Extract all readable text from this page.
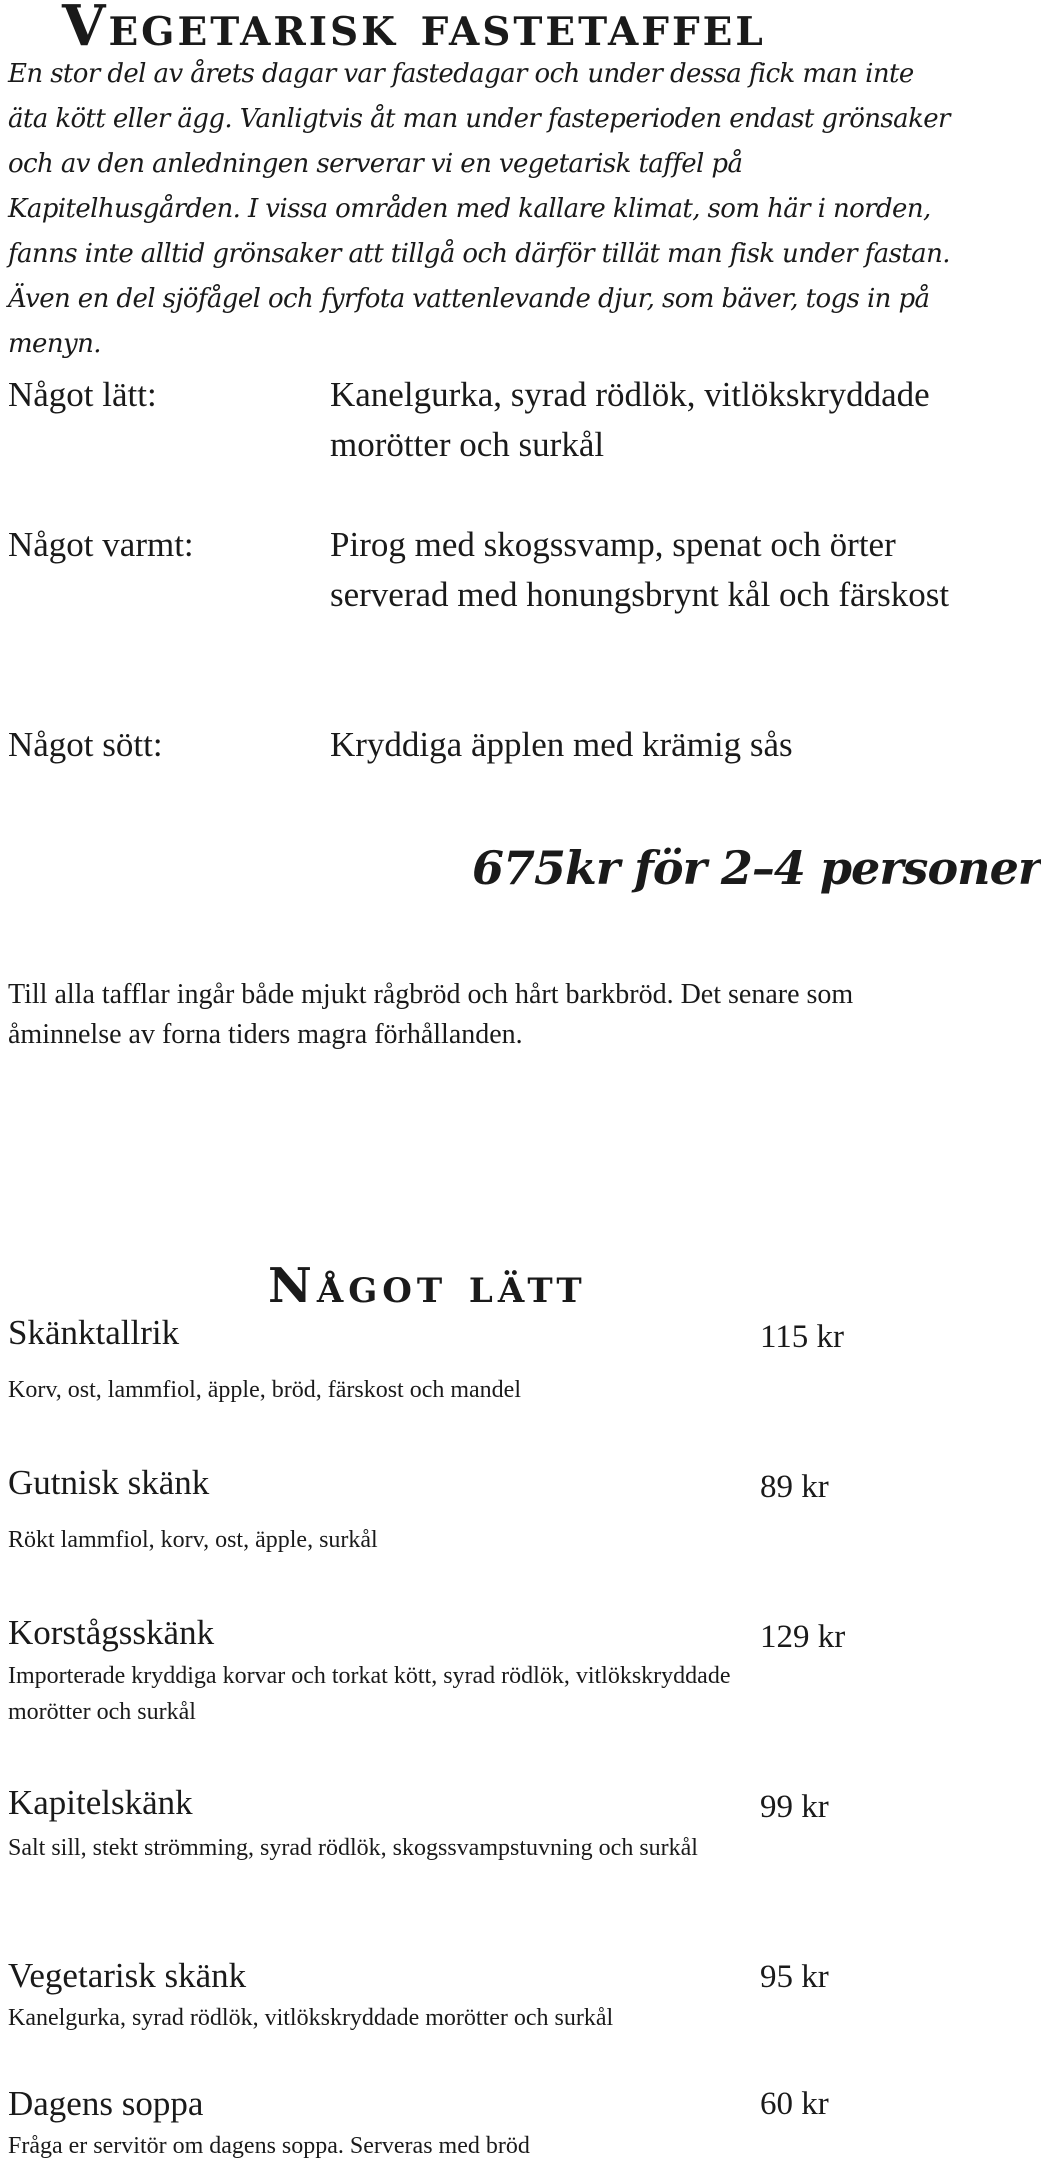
Vegetarisk fastetaffel
En stor del av årets dagar var fastedagar och under dessa fick man inte äta kött eller ägg. Vanligtvis åt man under fasteperioden endast grönsaker och av den anledningen serverar vi en vegetarisk taffel på Kapitelhusgården. I vissa områden med kallare klimat, som här i norden, fanns inte alltid grönsaker att tillgå och därför tillät man fisk under fastan. Även en del sjöfågel och fyrfota vattenlevande djur, som bäver, togs in på menyn.
Något lätt:	Kanelgurka, syrad rödlök, vitlökskryddade morötter och surkål
Något varmt:	Pirog med skogssvamp, spenat och örter serverad med honungsbrynt kål och färskost
Något sött:	Kryddiga äpplen med krämig sås
675kr för 2–4 personer
Till alla tafflar ingår både mjukt rågbröd och hårt barkbröd. Det senare som åminnelse av forna tiders magra förhållanden.
Något lätt
Skänktallrik	115 kr
Korv, ost, lammfiol, äpple, bröd, färskost och mandel
Gutnisk skänk	89 kr
Rökt lammfiol, korv, ost, äpple, surkål
Korstågsskänk	129 kr
Importerade kryddiga korvar och torkat kött, syrad rödlök, vitlökskryddade morötter och surkål
Kapitelskänk	99 kr
Salt sill, stekt strömming, syrad rödlök, skogssvampstuvning och surkål
Vegetarisk skänk	95 kr
Kanelgurka, syrad rödlök, vitlökskryddade morötter och surkål
Dagens soppa	60 kr
Fråga er servitör om dagens soppa. Serveras med bröd
